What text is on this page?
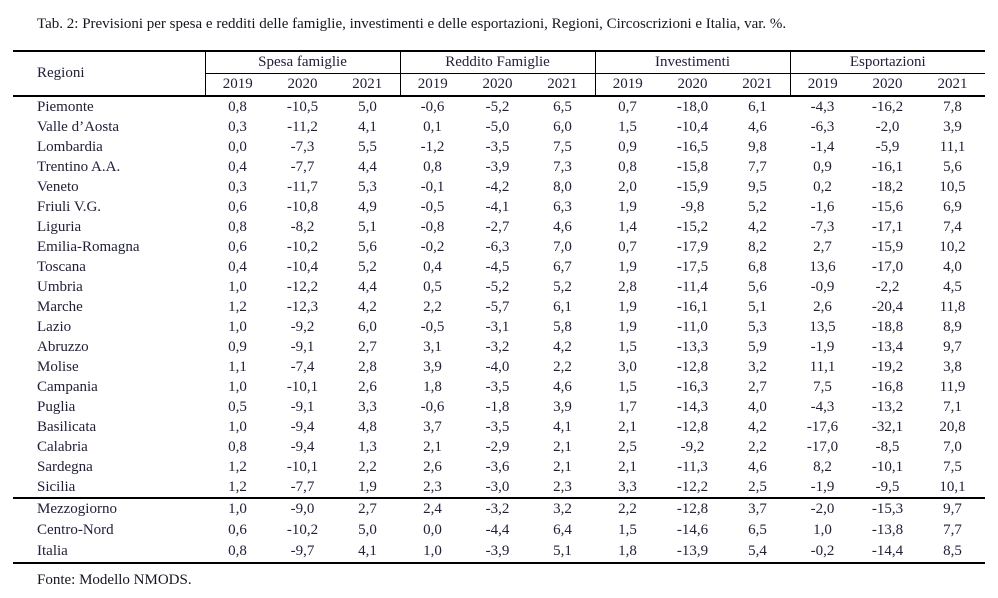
Tab. 2: Previsioni per spesa e redditi delle famiglie, investimenti e delle esportazioni, Regioni, Circoscrizioni e Italia, var. %.
Regioni	Spesa famiglie			Reddito Famiglie			Investimenti			Esportazioni		
	2019	2020	2021	2019	2020	2021	2019	2020	2021	2019	2020	2021
Piemonte	0,8	-10,5	5,0	-0,6	-5,2	6,5	0,7	-18,0	6,1	-4,3	-16,2	7,8
Valle d’Aosta	0,3	-11,2	4,1	0,1	-5,0	6,0	1,5	-10,4	4,6	-6,3	-2,0	3,9
Lombardia	0,0	-7,3	5,5	-1,2	-3,5	7,5	0,9	-16,5	9,8	-1,4	-5,9	11,1
Trentino A.A.	0,4	-7,7	4,4	0,8	-3,9	7,3	0,8	-15,8	7,7	0,9	-16,1	5,6
Veneto	0,3	-11,7	5,3	-0,1	-4,2	8,0	2,0	-15,9	9,5	0,2	-18,2	10,5
Friuli V.G.	0,6	-10,8	4,9	-0,5	-4,1	6,3	1,9	-9,8	5,2	-1,6	-15,6	6,9
Liguria	0,8	-8,2	5,1	-0,8	-2,7	4,6	1,4	-15,2	4,2	-7,3	-17,1	7,4
Emilia-Romagna	0,6	-10,2	5,6	-0,2	-6,3	7,0	0,7	-17,9	8,2	2,7	-15,9	10,2
Toscana	0,4	-10,4	5,2	0,4	-4,5	6,7	1,9	-17,5	6,8	13,6	-17,0	4,0
Umbria	1,0	-12,2	4,4	0,5	-5,2	5,2	2,8	-11,4	5,6	-0,9	-2,2	4,5
Marche	1,2	-12,3	4,2	2,2	-5,7	6,1	1,9	-16,1	5,1	2,6	-20,4	11,8
Lazio	1,0	-9,2	6,0	-0,5	-3,1	5,8	1,9	-11,0	5,3	13,5	-18,8	8,9
Abruzzo	0,9	-9,1	2,7	3,1	-3,2	4,2	1,5	-13,3	5,9	-1,9	-13,4	9,7
Molise	1,1	-7,4	2,8	3,9	-4,0	2,2	3,0	-12,8	3,2	11,1	-19,2	3,8
Campania	1,0	-10,1	2,6	1,8	-3,5	4,6	1,5	-16,3	2,7	7,5	-16,8	11,9
Puglia	0,5	-9,1	3,3	-0,6	-1,8	3,9	1,7	-14,3	4,0	-4,3	-13,2	7,1
Basilicata	1,0	-9,4	4,8	3,7	-3,5	4,1	2,1	-12,8	4,2	-17,6	-32,1	20,8
Calabria	0,8	-9,4	1,3	2,1	-2,9	2,1	2,5	-9,2	2,2	-17,0	-8,5	7,0
Sardegna	1,2	-10,1	2,2	2,6	-3,6	2,1	2,1	-11,3	4,6	8,2	-10,1	7,5
Sicilia	1,2	-7,7	1,9	2,3	-3,0	2,3	3,3	-12,2	2,5	-1,9	-9,5	10,1
Mezzogiorno	1,0	-9,0	2,7	2,4	-3,2	3,2	2,2	-12,8	3,7	-2,0	-15,3	9,7
Centro-Nord	0,6	-10,2	5,0	0,0	-4,4	6,4	1,5	-14,6	6,5	1,0	-13,8	7,7
Italia	0,8	-9,7	4,1	1,0	-3,9	5,1	1,8	-13,9	5,4	-0,2	-14,4	8,5
Fonte: Modello NMODS.
